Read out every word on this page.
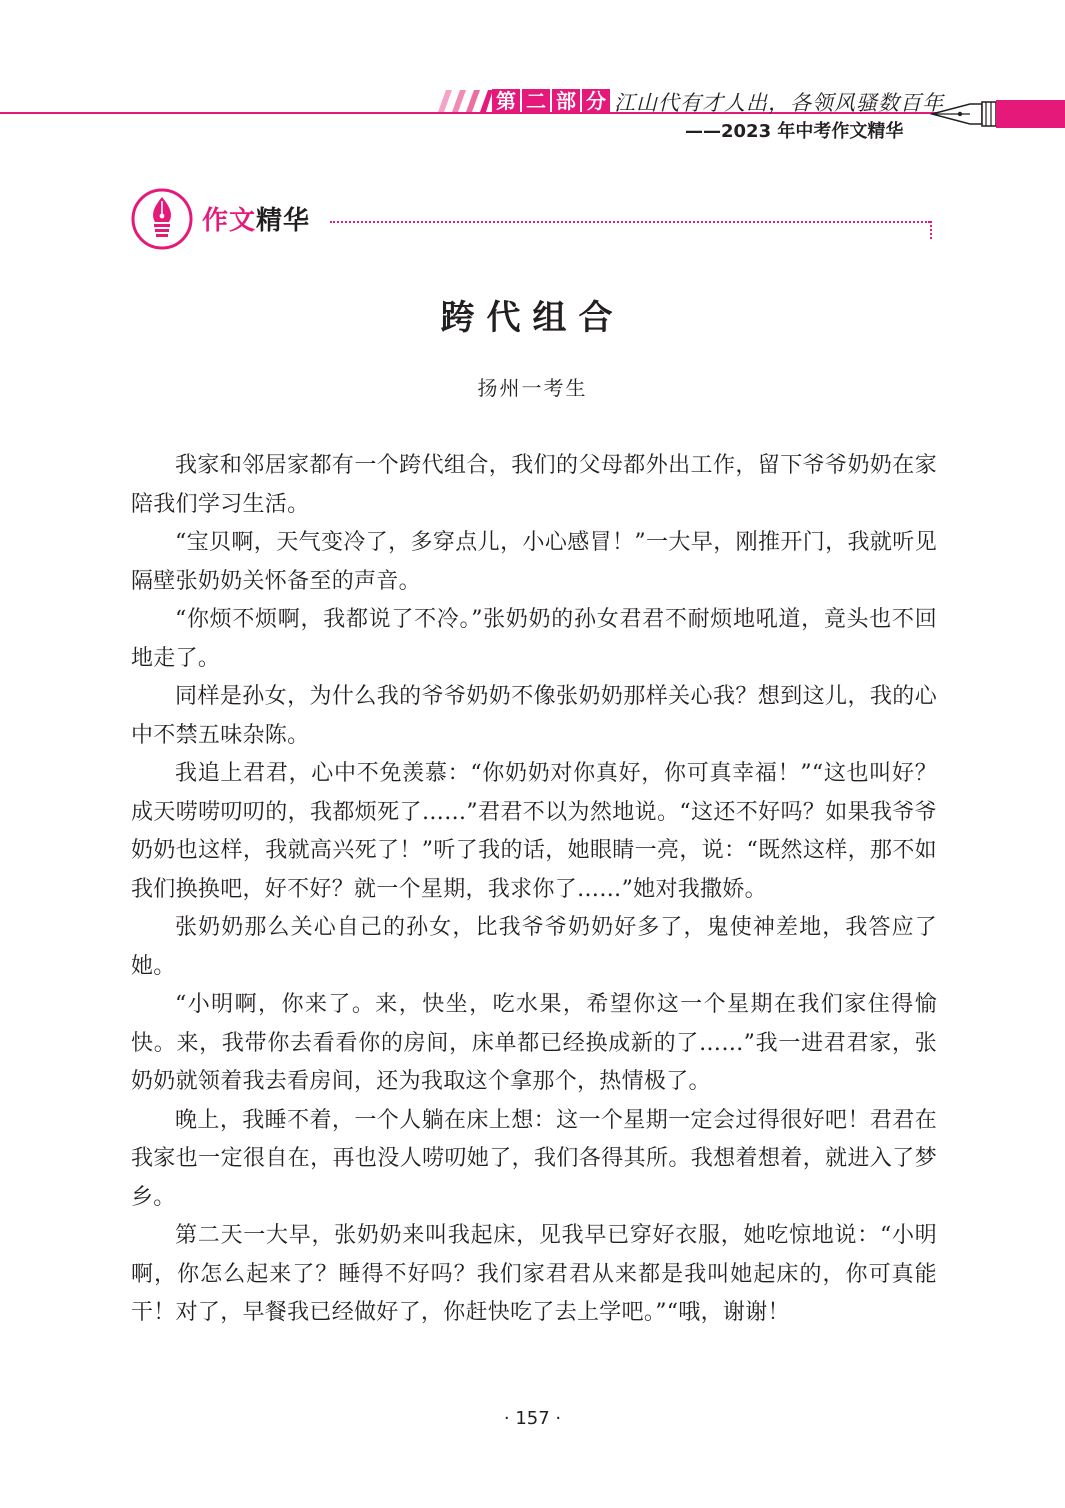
第 二 部 分 江山代有才人出，各领风骚数百年
——2023 年中考作文精华
作文精华
跨代组合
扬州一考生

我家和邻居家都有一个跨代组合，我们的父母都外出工作，留下爷爷奶奶在家陪我们学习生活。

“宝贝啊，天气变冷了，多穿点儿，小心感冒！”一大早，刚推开门，我就听见隔壁张奶奶关怀备至的声音。

“你烦不烦啊，我都说了不冷。”张奶奶的孙女君君不耐烦地吼道，竟头也不回地走了。

同样是孙女，为什么我的爷爷奶奶不像张奶奶那样关心我？想到这儿，我的心中不禁五味杂陈。

我追上君君，心中不免羡慕：“你奶奶对你真好，你可真幸福！”“这也叫好？成天唠唠叨叨的，我都烦死了……”君君不以为然地说。“这还不好吗？如果我爷爷奶奶也这样，我就高兴死了！”听了我的话，她眼睛一亮，说：“既然这样，那不如我们换换吧，好不好？就一个星期，我求你了……”她对我撒娇。

张奶奶那么关心自己的孙女，比我爷爷奶奶好多了，鬼使神差地，我答应了她。

“小明啊，你来了。来，快坐，吃水果，希望你这一个星期在我们家住得愉快。来，我带你去看看你的房间，床单都已经换成新的了……”我一进君君家，张奶奶就领着我去看房间，还为我取这个拿那个，热情极了。

晚上，我睡不着，一个人躺在床上想：这一个星期一定会过得很好吧！君君在我家也一定很自在，再也没人唠叨她了，我们各得其所。我想着想着，就进入了梦乡。

第二天一大早，张奶奶来叫我起床，见我早已穿好衣服，她吃惊地说：“小明啊，你怎么起来了？睡得不好吗？我们家君君从来都是我叫她起床的，你可真能干！对了，早餐我已经做好了，你赶快吃了去上学吧。”“哦，谢谢！

· 157 ·
